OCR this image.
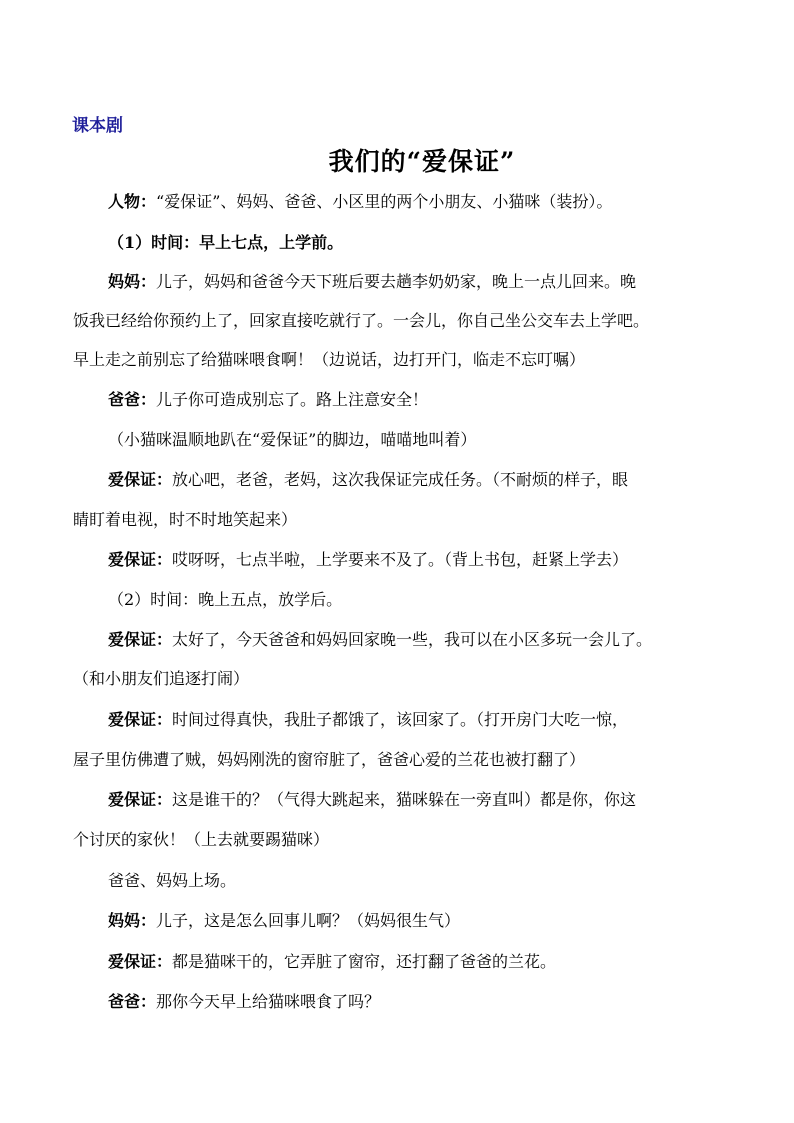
课本剧
我们的“爱保证”
人物：“爱保证”、妈妈、爸爸、小区里的两个小朋友、小猫咪（装扮）。
（1）时间：早上七点，上学前。
妈妈：儿子，妈妈和爸爸今天下班后要去趟李奶奶家，晚上一点儿回来。晚
饭我已经给你预约上了，回家直接吃就行了。一会儿，你自己坐公交车去上学吧。
早上走之前别忘了给猫咪喂食啊！（边说话，边打开门，临走不忘叮嘱）
爸爸：儿子你可造成别忘了。路上注意安全！
（小猫咪温顺地趴在“爱保证”的脚边，喵喵地叫着）
爱保证：放心吧，老爸，老妈，这次我保证完成任务。（不耐烦的样子，眼
睛盯着电视，时不时地笑起来）
爱保证：哎呀呀，七点半啦，上学要来不及了。（背上书包，赶紧上学去）
（2）时间：晚上五点，放学后。
爱保证：太好了，今天爸爸和妈妈回家晚一些，我可以在小区多玩一会儿了。
（和小朋友们追逐打闹）
爱保证：时间过得真快，我肚子都饿了，该回家了。（打开房门大吃一惊，
屋子里仿佛遭了贼，妈妈刚洗的窗帘脏了，爸爸心爱的兰花也被打翻了）
爱保证：这是谁干的？（气得大跳起来，猫咪躲在一旁直叫）都是你，你这
个讨厌的家伙！（上去就要踢猫咪）
爸爸、妈妈上场。
妈妈：儿子，这是怎么回事儿啊？（妈妈很生气）
爱保证：都是猫咪干的，它弄脏了窗帘，还打翻了爸爸的兰花。
爸爸：那你今天早上给猫咪喂食了吗？
